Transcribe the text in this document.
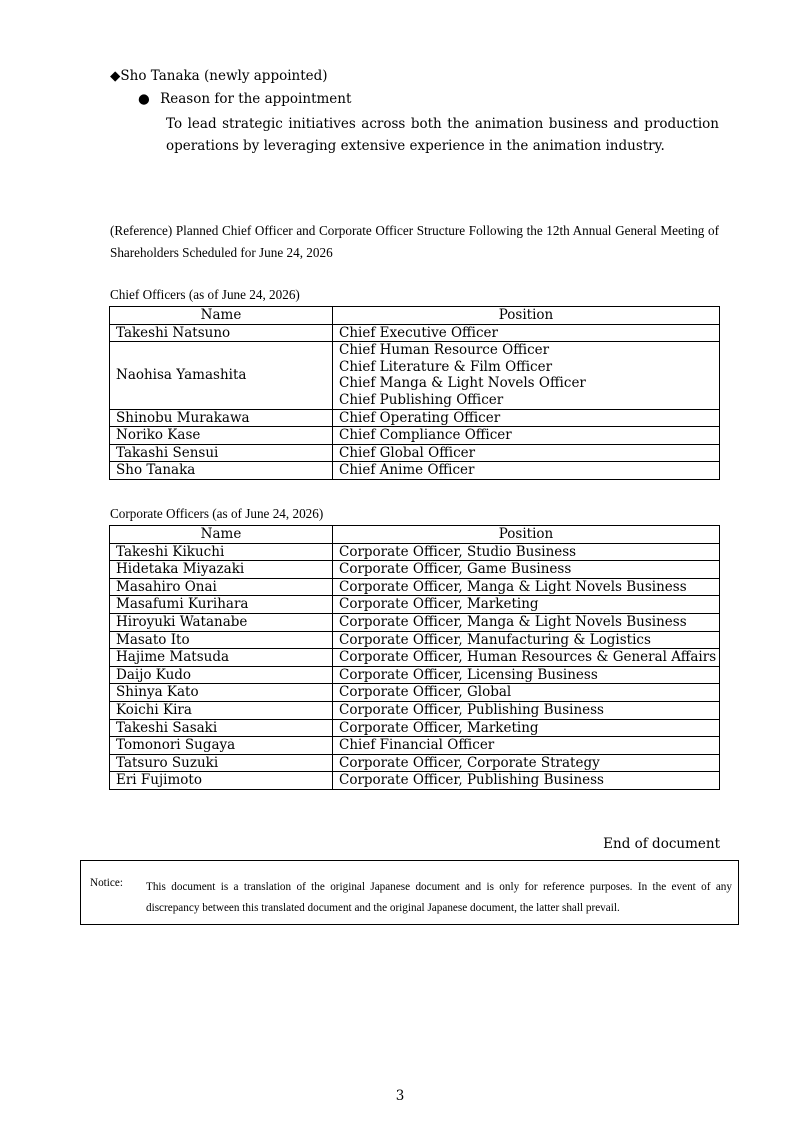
◆Sho Tanaka (newly appointed)
● Reason for the appointment
To lead strategic initiatives across both the animation business and production operations by leveraging extensive experience in the animation industry.
(Reference) Planned Chief Officer and Corporate Officer Structure Following the 12th Annual General Meeting of Shareholders Scheduled for June 24, 2026
Chief Officers (as of June 24, 2026)
Name	Position
Takeshi Natsuno	Chief Executive Officer
Naohisa Yamashita	Chief Human Resource Officer
Chief Literature & Film Officer
Chief Manga & Light Novels Officer
Chief Publishing Officer

Shinobu Murakawa	Chief Operating Officer
Noriko Kase	Chief Compliance Officer
Takashi Sensui	Chief Global Officer
Sho Tanaka	Chief Anime Officer
Corporate Officers (as of June 24, 2026)
Name	Position
Takeshi Kikuchi	Corporate Officer, Studio Business
Hidetaka Miyazaki	Corporate Officer, Game Business
Masahiro Onai	Corporate Officer, Manga & Light Novels Business
Masafumi Kurihara	Corporate Officer, Marketing
Hiroyuki Watanabe	Corporate Officer, Manga & Light Novels Business
Masato Ito	Corporate Officer, Manufacturing & Logistics
Hajime Matsuda	Corporate Officer, Human Resources & General Affairs
Daijo Kudo	Corporate Officer, Licensing Business
Shinya Kato	Corporate Officer, Global
Koichi Kira	Corporate Officer, Publishing Business
Takeshi Sasaki	Corporate Officer, Marketing
Tomonori Sugaya	Chief Financial Officer
Tatsuro Suzuki	Corporate Officer, Corporate Strategy
Eri Fujimoto	Corporate Officer, Publishing Business
End of document
Notice: This document is a translation of the original Japanese document and is only for reference purposes. In the event of any discrepancy between this translated document and the original Japanese document, the latter shall prevail.
3
